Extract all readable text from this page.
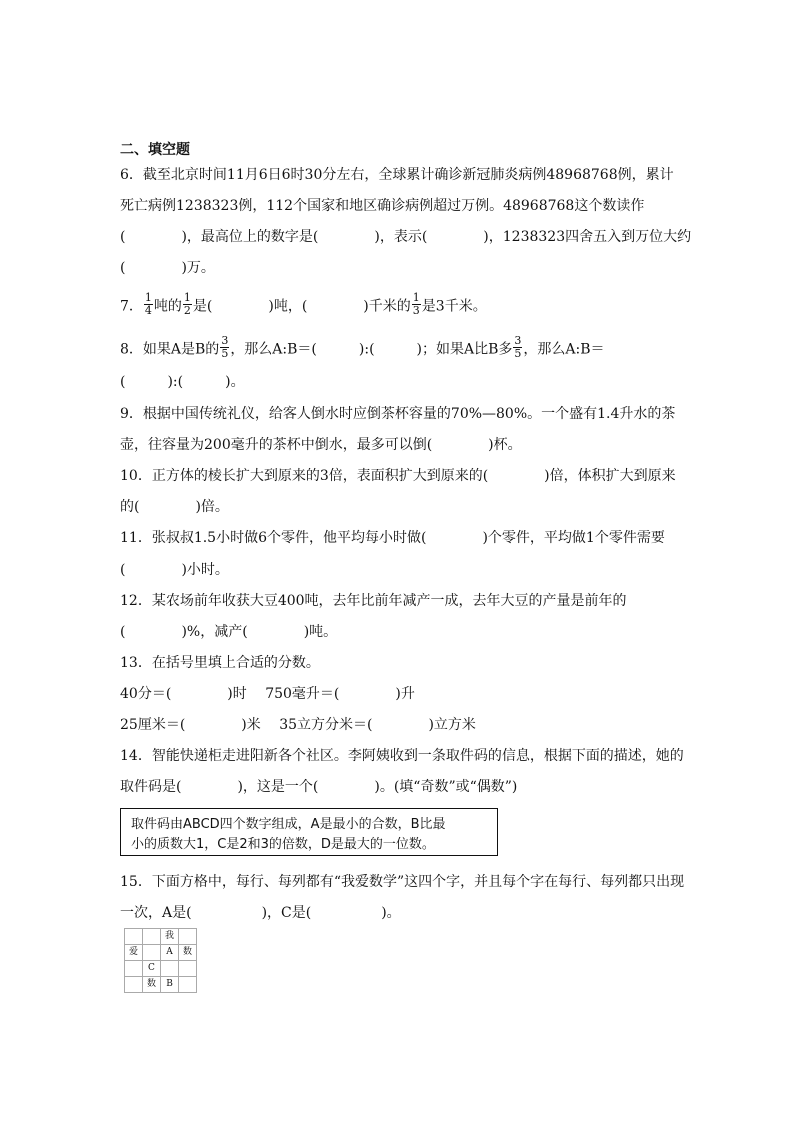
二、填空题
6．截至北京时间11月6日6时30分左右，全球累计确诊新冠肺炎病例48968768例，累计
死亡病例1238323例，112个国家和地区确诊病例超过万例。48968768这个数读作
(　　　　)，最高位上的数字是(　　　　)，表示(　　　　)，1238323四舍五入到万位大约
(　　　　)万。
7． $\frac{1}{4}$ 吨的 $\frac{1}{2}$ 是(　　　　)吨，(　　　　)千米的 $\frac{1}{3}$ 是3千米。
8．如果A是B的 $\frac{3}{5}$ ，那么A:B＝(　　　):(　　　)；如果A比B多 $\frac{3}{5}$ ，那么A:B＝
(　　　):(　　　)。
9．根据中国传统礼仪，给客人倒水时应倒茶杯容量的70%—80%。一个盛有1.4升水的茶
壶，往容量为200毫升的茶杯中倒水，最多可以倒(　　　　)杯。
10．正方体的棱长扩大到原来的3倍，表面积扩大到原来的(　　　　)倍，体积扩大到原来
的(　　　　)倍。
11．张叔叔1.5小时做6个零件，他平均每小时做(　　　　)个零件，平均做1个零件需要
(　　　　)小时。
12．某农场前年收获大豆400吨，去年比前年减产一成，去年大豆的产量是前年的
(　　　　)%，减产(　　　　)吨。
13．在括号里填上合适的分数。
40分＝(　　　　)时　 750毫升＝(　　　　)升
25厘米＝(　　　　)米　 35立方分米＝(　　　　)立方米
14．智能快递柜走进阳新各个社区。李阿姨收到一条取件码的信息，根据下面的描述，她的
取件码是(　　　　)，这是一个(　　　　)。(填“奇数”或“偶数”)
取件码由ABCD四个数字组成，A是最小的合数，B比最
小的质数大1，C是2和3的倍数，D是最大的一位数。
15．下面方格中，每行、每列都有“我爱数学”这四个字，并且每个字在每行、每列都只出现
一次，A是(　　　　　)，C是(　　　　　)。
		我	
爱		A	数
	C		
	数	B	
